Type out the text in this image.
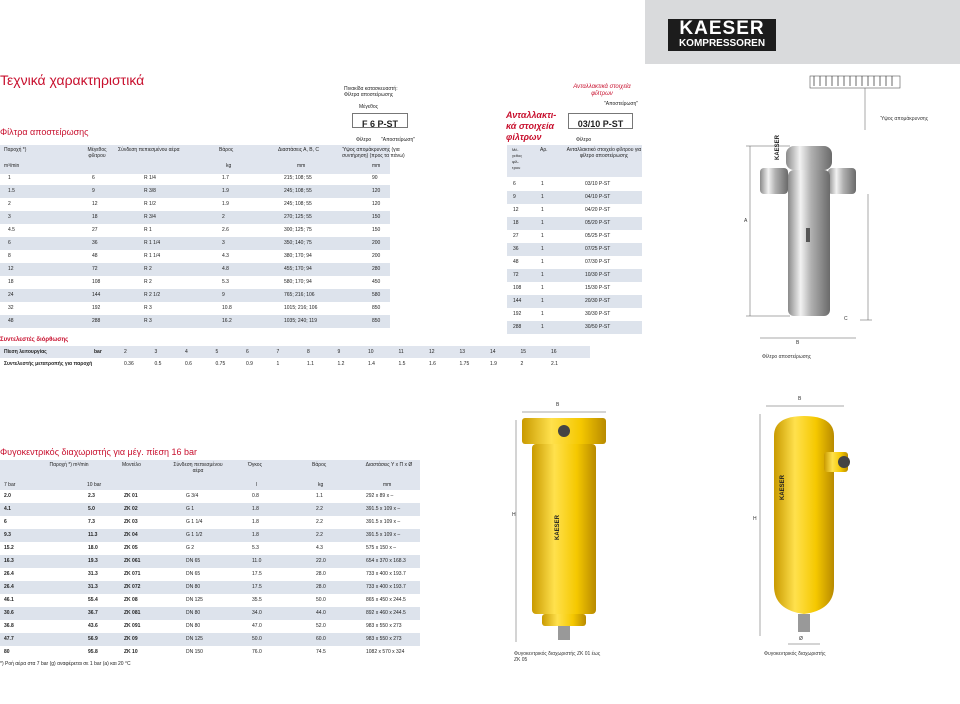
KAESER
KOMPRESSOREN
Τεχνικά χαρακτηριστικά
Φίλτρα αποστείρωσης
Πινακίδα κατασκευαστή:
Φίλτρα αποστείρωσης
Μέγεθος
F 6 P-ST
Φίλτρο "Αποστείρωση"
Παροχή *)
m³/min
Μέγεθος φίλτρου
Σύνδεση πεπιεσμένου αέρα	Βάρος
kg
Διαστάσεις Α, Β, C
mm
Ύψος απομάκρυνσης (για συντήρηση) (προς τα πάνω)
mm
1	6	R 1/4	1.7	215; 108; 55	90
1.5	9	R 3/8	1.9	245; 108; 55	120
2	12	R 1/2	1.9	245; 108; 55	120
3	18	R 3/4	2	270; 125; 55	150
4.5	27	R 1	2.6	300; 125; 75	150
6	36	R 1 1/4	3	350; 140; 75	200
8	48	R 1 1/4	4.3	380; 170; 94	200
12	72	R 2	4.8	455; 170; 94	280
18	108	R 2	5.3	580; 170; 94	450
24	144	R 2 1/2	9	765; 216; 106	580
32	192	R 3	10.8	1015; 216; 106	850
48	288	R 3	16.2	1035; 240; 119	850
Ανταλλακτι-κά στοιχεία φίλτρων
Ανταλλακτικά στοιχεία φίλτρων
"Αποστείρωση"
03/10 P-ST
Φίλτρο
Μέ-γεθος φίλ-τρου
Αρ.	Ανταλλακτικό στοιχείο φίλτρου για φίλτρο αποστείρωσης
6	1	03/10 P-ST
9	1	04/10 P-ST
12	1	04/20 P-ST
18	1	05/20 P-ST
27	1	05/25 P-ST
36	1	07/25 P-ST
48	1	07/30 P-ST
72	1	10/30 P-ST
108	1	15/30 P-ST
144	1	20/30 P-ST
192	1	30/30 P-ST
288	1	30/50 P-ST
Συντελεστές διόρθωσης
Πίεση λειτουργίας	bar	2	3	4	5	6	7	8	9	10	11	12	13	14	15	16
Συντελεστής μετατροπής για παροχή	0.36	0.5	0.6	0.75	0.9	1	1.1	1.2	1.4	1.5	1.6	1.75	1.9	2	2.1
Φυγοκεντρικός διαχωριστής για μέγ. πίεση 16 bar
Παροχή *) m³/min
7 bar	10 bar
Μοντέλο	Σύνδεση πεπιεσμένου αέρα
Όγκος
l
Βάρος
kg
Διαστάσεις Υ x Π x Ø
mm
2.0	2.3	ZK 01	G 3/4	0.8	1.1	292 x 89 x –
4.1	5.0	ZK 02	G 1	1.8	2.2	391.5 x 109 x –
6	7.3	ZK 03	G 1 1/4	1.8	2.2	391.5 x 109 x –
9.3	11.3	ZK 04	G 1 1/2	1.8	2.2	391.5 x 109 x –
15.2	18.0	ZK 05	G 2	5.3	4.3	575 x 150 x –
16.3	19.3	ZK 061	DN 65	11.0	22.0	654 x 370 x 168.3
26.4	31.3	ZK 071	DN 65	17.5	28.0	733 x 400 x 193.7
26.4	31.3	ZK 072	DN 80	17.5	28.0	733 x 400 x 193.7
46.1	55.4	ZK 08	DN 125	35.5	50.0	865 x 450 x 244.5
30.6	36.7	ZK 081	DN 80	34.0	44.0	892 x 460 x 244.5
36.8	43.6	ZK 091	DN 80	47.0	52.0	983 x 550 x 273
47.7	56.9	ZK 09	DN 125	50.0	60.0	983 x 550 x 273
80	95.8	ZK 10	DN 150	76.0	74.5	1082 x 570 x 324
*) Ροή αέρα στα 7 bar (g) αναφέρεται σε 1 bar (a) και 20 °C
KAESER
Ύψος απομάκρυνσης
A
B
C
Φίλτρο αποστείρωσης
KAESER
B
H
Φυγοκεντρικός διαχωριστής ZK 01 έως ZK 05
KAESER
B
H
Ø
Φυγοκεντρικός διαχωριστής
